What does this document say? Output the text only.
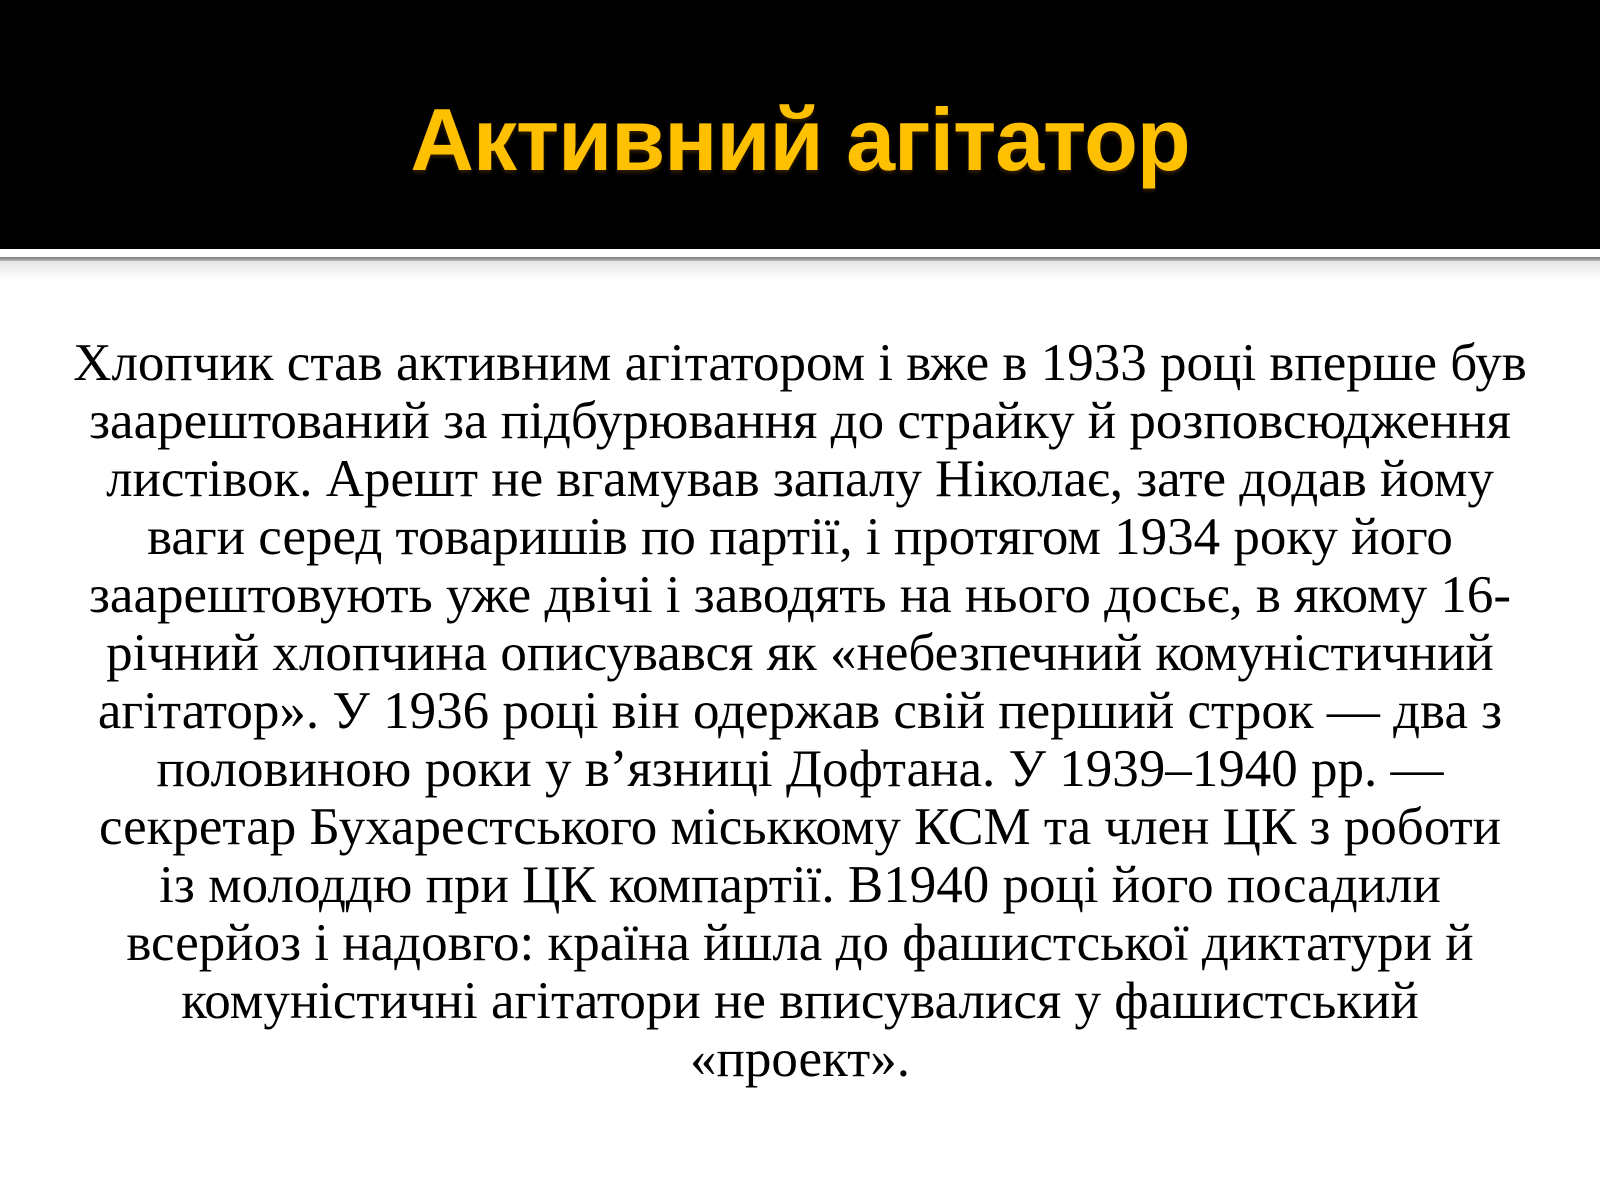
Активний агітатор
Хлопчик став активним агітатором і вже в 1933 році вперше був
заарештований за підбурювання до страйку й розповсюдження
листівок. Арешт не вгамував запалу Ніколає, зате додав йому
ваги серед товаришів по партії, і протягом 1934 року його
заарештовують уже двічі і заводять на нього досьє, в якому 16-
річний хлопчина описувався як «небезпечний комуністичний
агітатор». У 1936 році він одержав свій перший строк — два з
половиною роки у в’язниці Дофтана. У 1939–1940 рр. —
секретар Бухарестського міськкому КСМ та член ЦК з роботи
із молоддю при ЦК компартії. В1940 році його посадили
всерйоз і надовго: країна йшла до фашистської диктатури й
комуністичні агітатори не вписувалися у фашистський
«проект».
